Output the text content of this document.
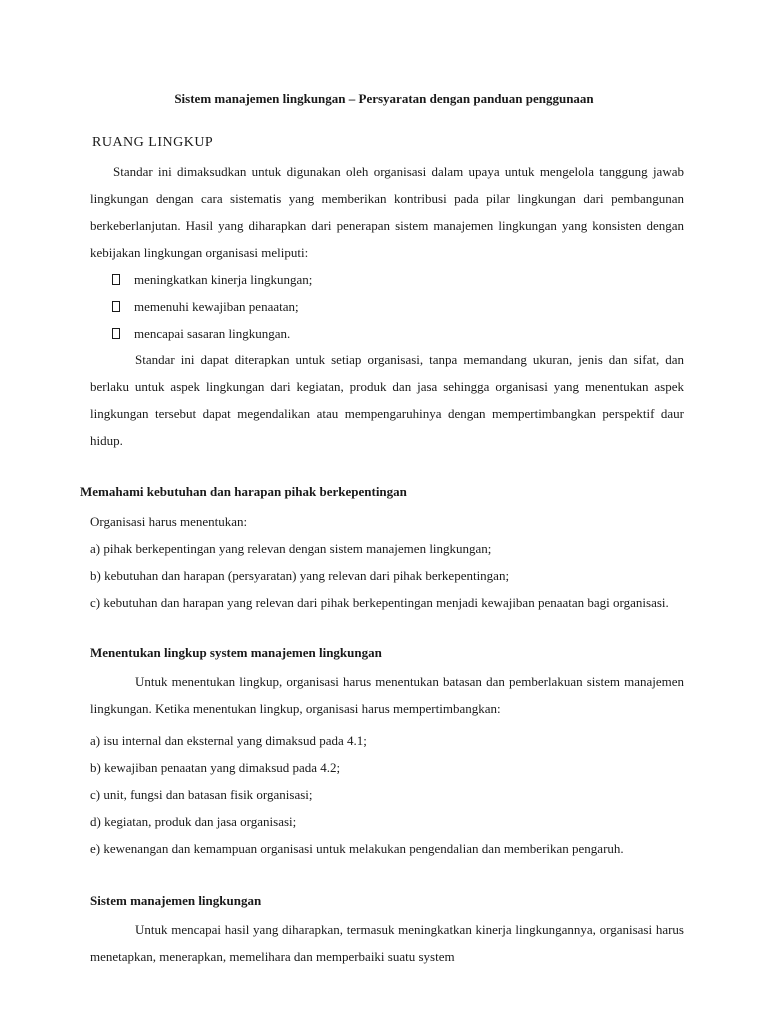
Sistem manajemen lingkungan – Persyaratan dengan panduan penggunaan
RUANG LINGKUP
Standar ini dimaksudkan untuk digunakan oleh organisasi dalam upaya untuk mengelola tanggung jawab lingkungan dengan cara sistematis yang memberikan kontribusi pada pilar lingkungan dari pembangunan berkeberlanjutan. Hasil yang diharapkan dari penerapan sistem manajemen lingkungan yang konsisten dengan kebijakan lingkungan organisasi meliputi:
meningkatkan kinerja lingkungan;
memenuhi kewajiban penaatan;
mencapai sasaran lingkungan.
Standar ini dapat diterapkan untuk setiap organisasi, tanpa memandang ukuran, jenis dan sifat, dan berlaku untuk aspek lingkungan dari kegiatan, produk dan jasa sehingga organisasi yang menentukan aspek lingkungan tersebut dapat megendalikan atau mempengaruhinya dengan mempertimbangkan perspektif daur hidup.
Memahami kebutuhan dan harapan pihak berkepentingan
Organisasi harus menentukan:
a) pihak berkepentingan yang relevan dengan sistem manajemen lingkungan;
b) kebutuhan dan harapan (persyaratan) yang relevan dari pihak berkepentingan;
c) kebutuhan dan harapan yang relevan dari pihak berkepentingan menjadi kewajiban penaatan bagi organisasi.
Menentukan lingkup system manajemen lingkungan
Untuk menentukan lingkup, organisasi harus menentukan batasan dan pemberlakuan sistem manajemen lingkungan. Ketika menentukan lingkup, organisasi harus mempertimbangkan:
a) isu internal dan eksternal yang dimaksud pada 4.1;
b) kewajiban penaatan yang dimaksud pada 4.2;
c) unit, fungsi dan batasan fisik organisasi;
d) kegiatan, produk dan jasa organisasi;
e) kewenangan dan kemampuan organisasi untuk melakukan pengendalian dan memberikan pengaruh.
Sistem manajemen lingkungan
Untuk mencapai hasil yang diharapkan, termasuk meningkatkan kinerja lingkungannya, organisasi harus menetapkan, menerapkan, memelihara dan memperbaiki suatu system
